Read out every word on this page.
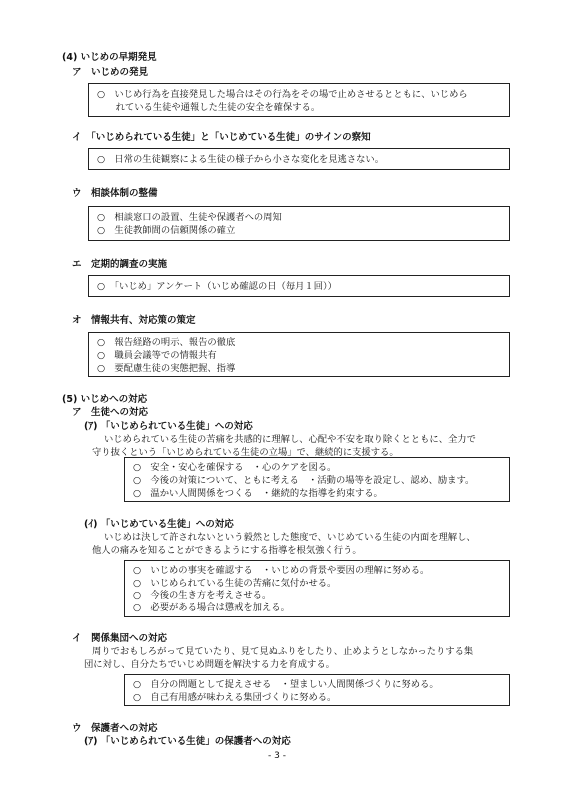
(4) いじめの早期発見
ア　いじめの発見
○　いじめ行為を直接発見した場合はその行為をその場で止めさせるとともに、いじめら
　　れている生徒や通報した生徒の安全を確保する。
イ　「いじめられている生徒」と「いじめている生徒」のサインの察知
○　日常の生徒観察による生徒の様子から小さな変化を見逃さない。
ウ　相談体制の整備
○　相談窓口の設置、生徒や保護者への周知
○　生徒教師間の信頼関係の確立
エ　定期的調査の実施
○　「いじめ」アンケート（いじめ確認の日（毎月１回））
オ　情報共有、対応策の策定
○　報告経路の明示、報告の徹底
○　職員会議等での情報共有
○　要配慮生徒の実態把握、指導
(5) いじめへの対応
ア　生徒への対応
(ｱ) 「いじめられている生徒」への対応
いじめられている生徒の苦痛を共感的に理解し、心配や不安を取り除くとともに、全力で
守り抜くという「いじめられている生徒の立場」で、継続的に支援する。
○　安全・安心を確保する　・心のケアを図る。
○　今後の対策について、ともに考える　・活動の場等を設定し、認め、励ます。
○　温かい人間関係をつくる　・継続的な指導を約束する。
(ｲ) 「いじめている生徒」への対応
いじめは決して許されないという毅然とした態度で、いじめている生徒の内面を理解し、
他人の痛みを知ることができるようにする指導を根気強く行う。
○　いじめの事実を確認する　・いじめの背景や要因の理解に努める。
○　いじめられている生徒の苦痛に気付かせる。
○　今後の生き方を考えさせる。
○　必要がある場合は懲戒を加える。
イ　関係集団への対応
周りでおもしろがって見ていたり、見て見ぬふりをしたり、止めようとしなかったりする集
団に対し、自分たちでいじめ問題を解決する力を育成する。
○　自分の問題として捉えさせる　・望ましい人間関係づくりに努める。
○　自己有用感が味わえる集団づくりに努める。
ウ　保護者への対応
(ｱ) 「いじめられている生徒」の保護者への対応
- 3 -
